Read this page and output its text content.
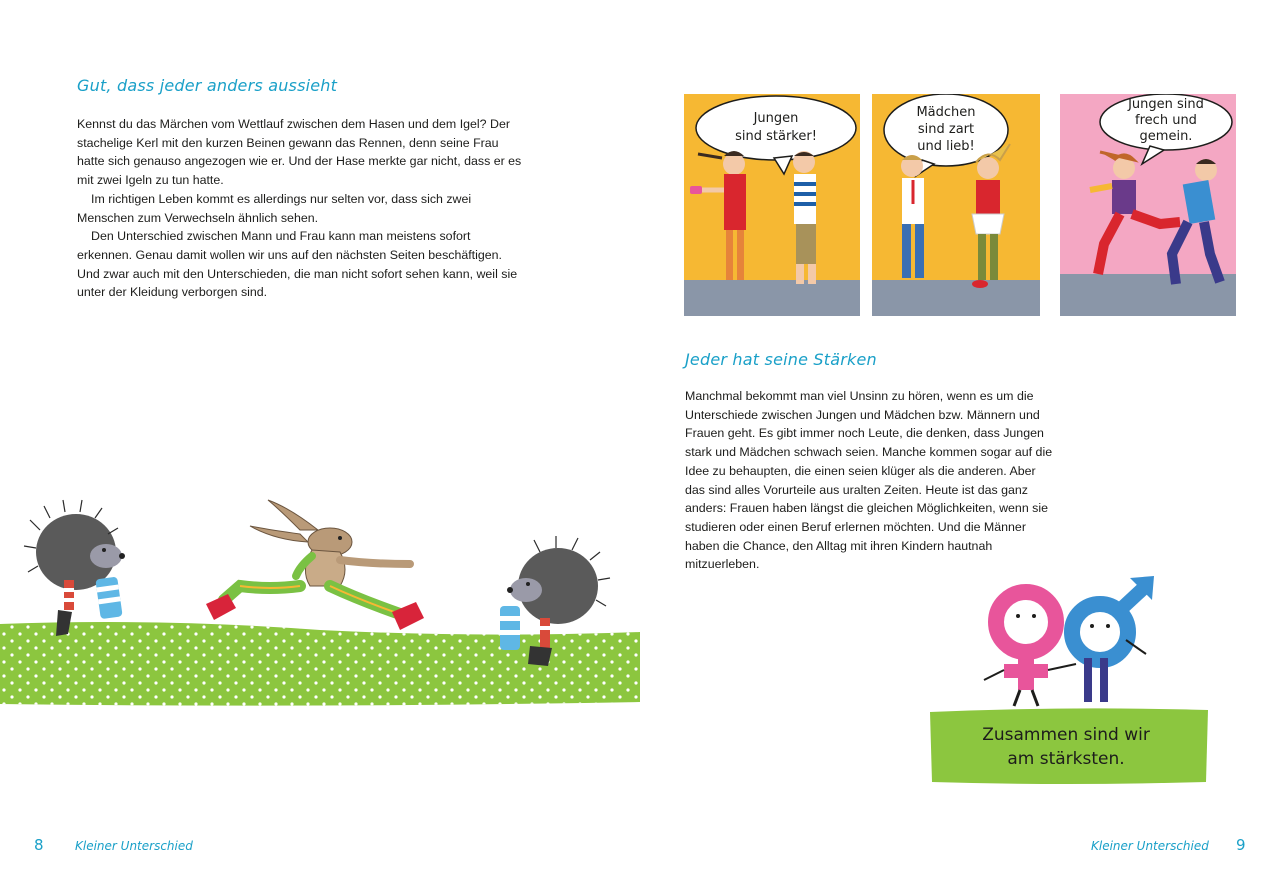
Gut, dass jeder anders aussieht

Kennst du das Märchen vom Wettlauf zwischen dem Hasen und dem Igel? Der stachelige Kerl mit den kurzen Beinen gewann das Rennen, denn seine Frau hatte sich genauso angezogen wie er. Und der Hase merkte gar nicht, dass er es mit zwei Igeln zu tun hatte.

Im richtigen Leben kommt es allerdings nur selten vor, dass sich zwei Menschen zum Verwechseln ähnlich sehen.

Den Unterschied zwischen Mann und Frau kann man meistens sofort erkennen. Genau damit wollen wir uns auf den nächsten Seiten beschäftigen. Und zwar auch mit den Unterschieden, die man nicht sofort sehen kann, weil sie unter der Kleidung verborgen sind.

8	Kleiner Unterschied
Jungen
sind stärker!
Mädchen
sind zart
und lieb!
Jungen sind
frech und
gemein.
Jeder hat seine Stärken

Manchmal bekommt man viel Unsinn zu hören, wenn es um die Unterschiede zwischen Jungen und Mädchen bzw. Männern und Frauen geht. Es gibt immer noch Leute, die denken, dass Jungen stark und Mädchen schwach seien. Manche kommen sogar auf die Idee zu behaupten, die einen seien klüger als die anderen. Aber das sind alles Vorurteile aus uralten Zeiten. Heute ist das ganz anders: Frauen haben längst die gleichen Möglichkeiten, wenn sie studieren oder einen Beruf erlernen möchten. Und die Männer haben die Chance, den Alltag mit ihren Kindern hautnah mitzuerleben.

Zusammen sind wir
am stärksten.
Kleiner Unterschied 9
